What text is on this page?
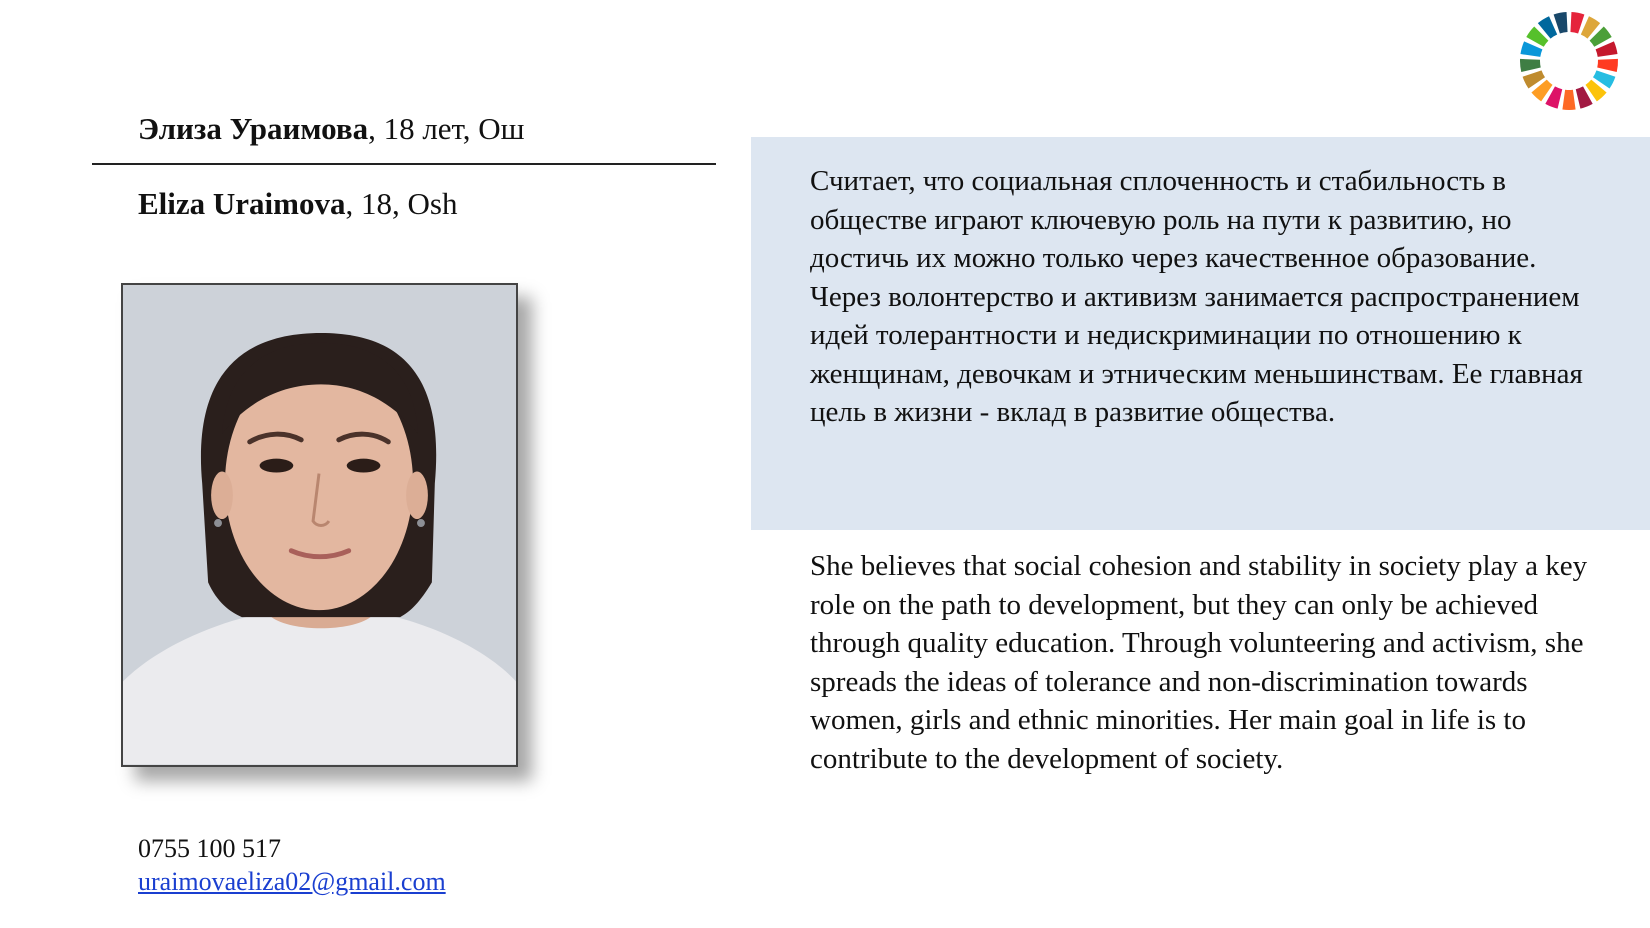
Элиза Ураимова, 18 лет, Ош
Eliza Uraimova, 18, Osh
0755 100 517
uraimovaeliza02@gmail.com
Считает, что социальная сплоченность и стабильность в обществе играют ключевую роль на пути к развитию, но достичь их можно только через качественное образование. Через волонтерство и активизм занимается распространением идей толерантности и недискриминации по отношению к женщинам, девочкам и этническим меньшинствам. Ее главная цель в жизни - вклад в развитие общества.
She believes that social cohesion and stability in society play a key role on the path to development, but they can only be achieved through quality education. Through volunteering and activism, she spreads the ideas of tolerance and non-discrimination towards women, girls and ethnic minorities. Her main goal in life is to contribute to the development of society.
